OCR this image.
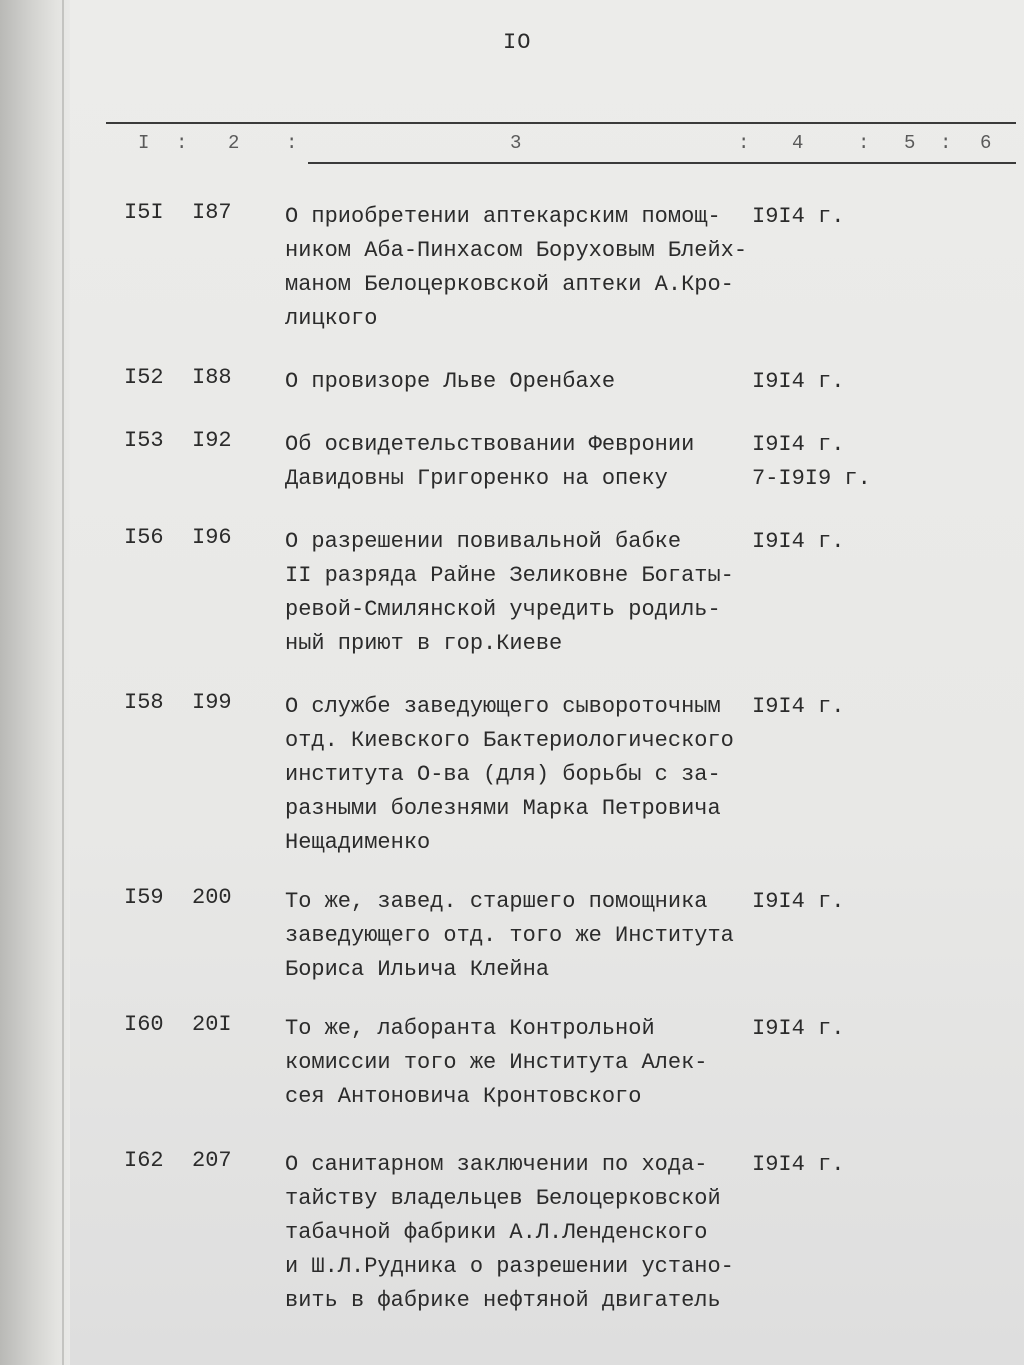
IO
I : 2 :	3	: 4	: 5 : 6
I5I I87 О приобретении аптекарским помощ-
ником Аба-Пинхасом Боруховым Блейх-
маном Белоцерковской аптеки А.Кро-
лицкого
I9I4 г.
I52 I88 О провизоре Льве Оренбахе	I9I4 г.
I53 I92 Об освидетельствовании Февронии
Давидовны Григоренко на опеку
I9I4 г.
7-I9I9 г.
I56 I96 О разрешении повивальной бабке
II разряда Райне Зеликовне Богаты-
ревой-Смилянской учредить родиль-
ный приют в гор.Киеве
I9I4 г.
I58 I99 О службе заведующего сывороточным
отд. Киевского Бактериологического
института О-ва (для) борьбы с за-
разными болезнями Марка Петровича
Нещадименко
I9I4 г.
I59 200 То же, завед. старшего помощника
заведующего отд. того же Института
Бориса Ильича Клейна
I9I4 г.
I60 20I То же, лаборанта Контрольной
комиссии того же Института Алек-
сея Антоновича Кронтовского
I9I4 г.
I62 207 О санитарном заключении по хода-
тайству владельцев Белоцерковской
табачной фабрики А.Л.Ленденского
и Ш.Л.Рудника о разрешении устано-
вить в фабрике нефтяной двигатель
I9I4 г.
